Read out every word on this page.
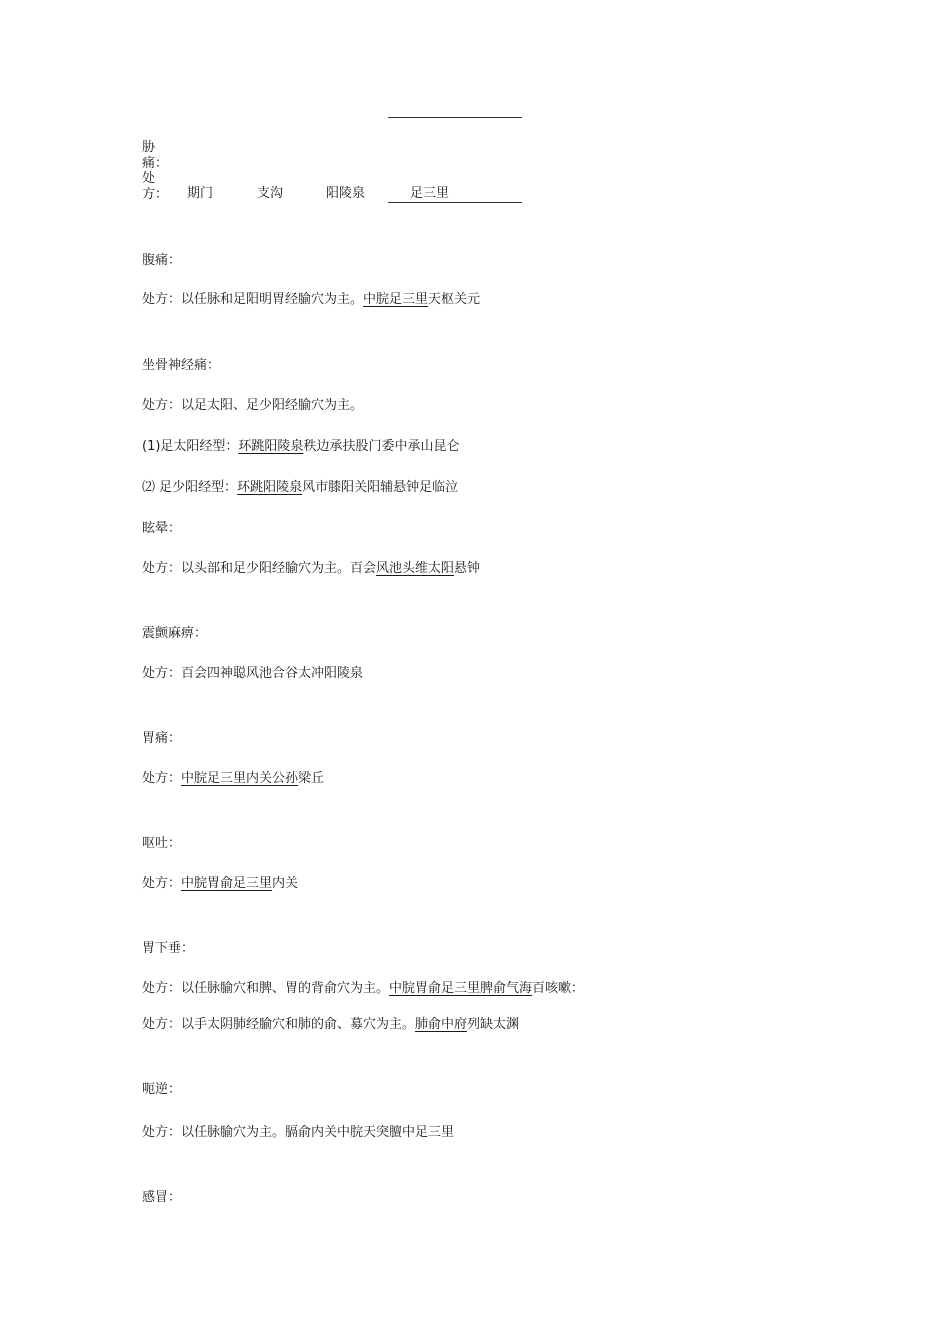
胁
痛：
处
方： 期门	支沟	阳陵泉	足三里
腹痛：
处方：以任脉和足阳明胃经腧穴为主。中脘足三里天枢关元
坐骨神经痛：
处方：以足太阳、足少阳经腧穴为主。
(1)足太阳经型：环跳阳陵泉秩边承扶股门委中承山昆仑
⑵ 足少阳经型：环跳阳陵泉风市膝阳关阳辅悬钟足临泣
眩晕：
处方：以头部和足少阳经腧穴为主。百会风池头维太阳悬钟
震颤麻痹：
处方：百会四神聪风池合谷太冲阳陵泉
胃痛：
处方：中脘足三里内关公孙梁丘
呕吐：
处方：中脘胃俞足三里内关
胃下垂：
处方：以任脉腧穴和脾、胃的背俞穴为主。中脘胃俞足三里脾俞气海百咳嗽：
处方：以手太阴肺经腧穴和肺的俞、募穴为主。肺俞中府列缺太渊
呃逆：
处方：以任脉腧穴为主。膈俞内关中脘天突膻中足三里
感冒：
